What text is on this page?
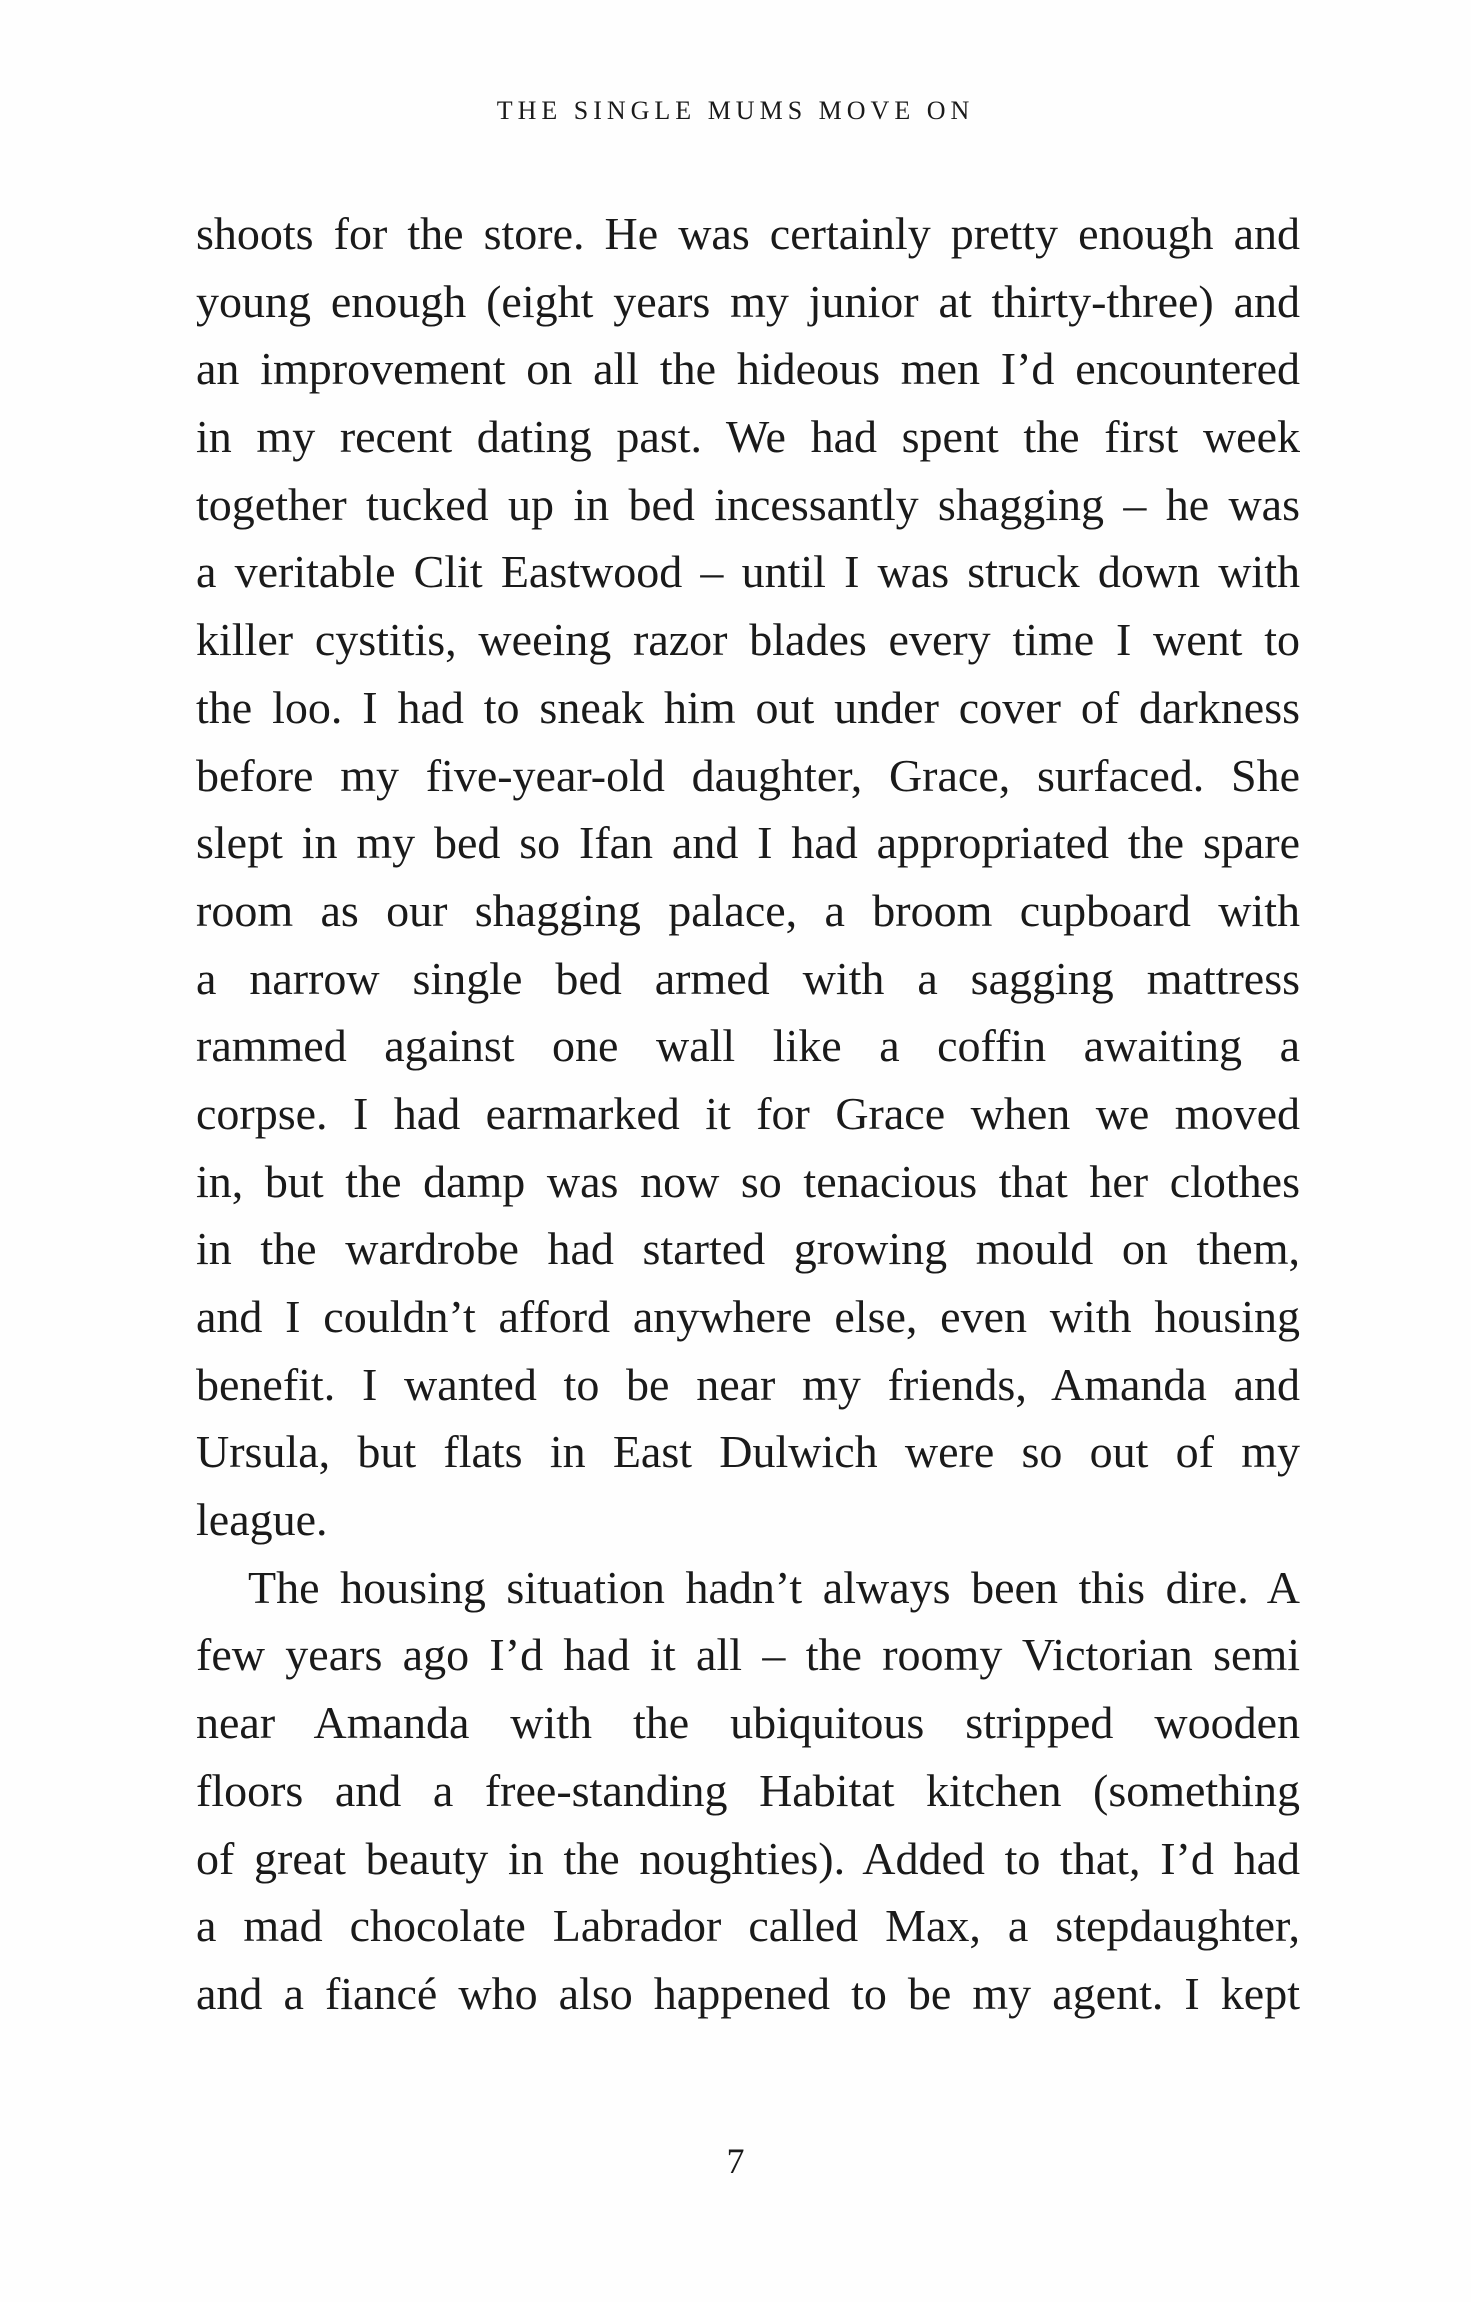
THE SINGLE MUMS MOVE ON
shoots for the store. He was certainly pretty enough and
young enough (eight years my junior at thirty-three) and
an improvement on all the hideous men I’d encountered
in my recent dating past. We had spent the first week
together tucked up in bed incessantly shagging – he was
a veritable Clit Eastwood – until I was struck down with
killer cystitis, weeing razor blades every time I went to
the loo. I had to sneak him out under cover of darkness
before my five-year-old daughter, Grace, surfaced. She
slept in my bed so Ifan and I had appropriated the spare
room as our shagging palace, a broom cupboard with
a narrow single bed armed with a sagging mattress
rammed against one wall like a coffin awaiting a
corpse. I had earmarked it for Grace when we moved
in, but the damp was now so tenacious that her clothes
in the wardrobe had started growing mould on them,
and I couldn’t afford anywhere else, even with housing
benefit. I wanted to be near my friends, Amanda and
Ursula, but flats in East Dulwich were so out of my
league.
The housing situation hadn’t always been this dire. A
few years ago I’d had it all – the roomy Victorian semi
near Amanda with the ubiquitous stripped wooden
floors and a free-standing Habitat kitchen (something
of great beauty in the noughties). Added to that, I’d had
a mad chocolate Labrador called Max, a stepdaughter,
and a fiancé who also happened to be my agent. I kept
7
